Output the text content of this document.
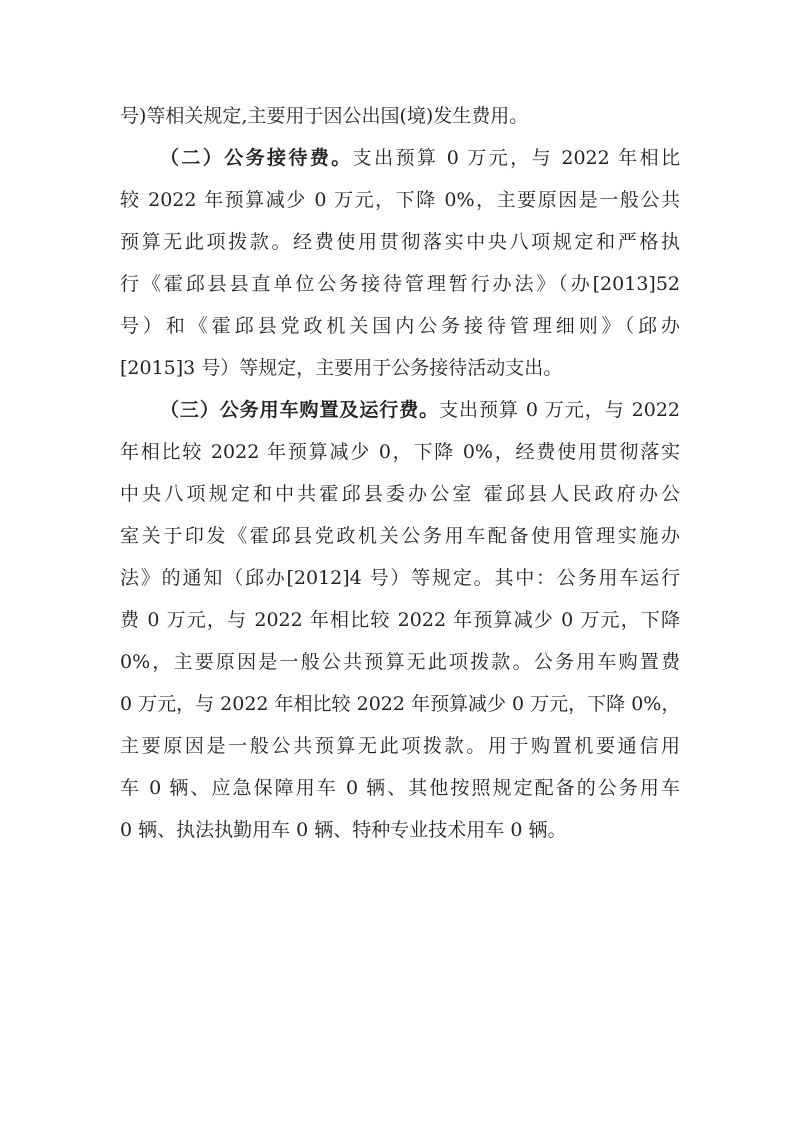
号)等相关规定,主要用于因公出国(境)发生费用。
（二）公务接待费。支出预算 0 万元，与 2022 年相比
较 2022 年预算减少 0 万元，下降 0%，主要原因是一般公共
预算无此项拨款。经费使用贯彻落实中央八项规定和严格执
行《霍邱县县直单位公务接待管理暂行办法》（办[2013]52
号）和《霍邱县党政机关国内公务接待管理细则》（邱办
[2015]3 号）等规定，主要用于公务接待活动支出。
（三）公务用车购置及运行费。支出预算 0 万元，与 2022
年相比较 2022 年预算减少 0，下降 0%，经费使用贯彻落实
中央八项规定和中共霍邱县委办公室 霍邱县人民政府办公
室关于印发《霍邱县党政机关公务用车配备使用管理实施办
法》的通知（邱办[2012]4 号）等规定。其中：公务用车运行
费 0 万元，与 2022 年相比较 2022 年预算减少 0 万元，下降
0%，主要原因是一般公共预算无此项拨款。公务用车购置费
0 万元，与 2022 年相比较 2022 年预算减少 0 万元，下降 0%，
主要原因是一般公共预算无此项拨款。用于购置机要通信用
车 0 辆、应急保障用车 0 辆、其他按照规定配备的公务用车
0 辆、执法执勤用车 0 辆、特种专业技术用车 0 辆。
